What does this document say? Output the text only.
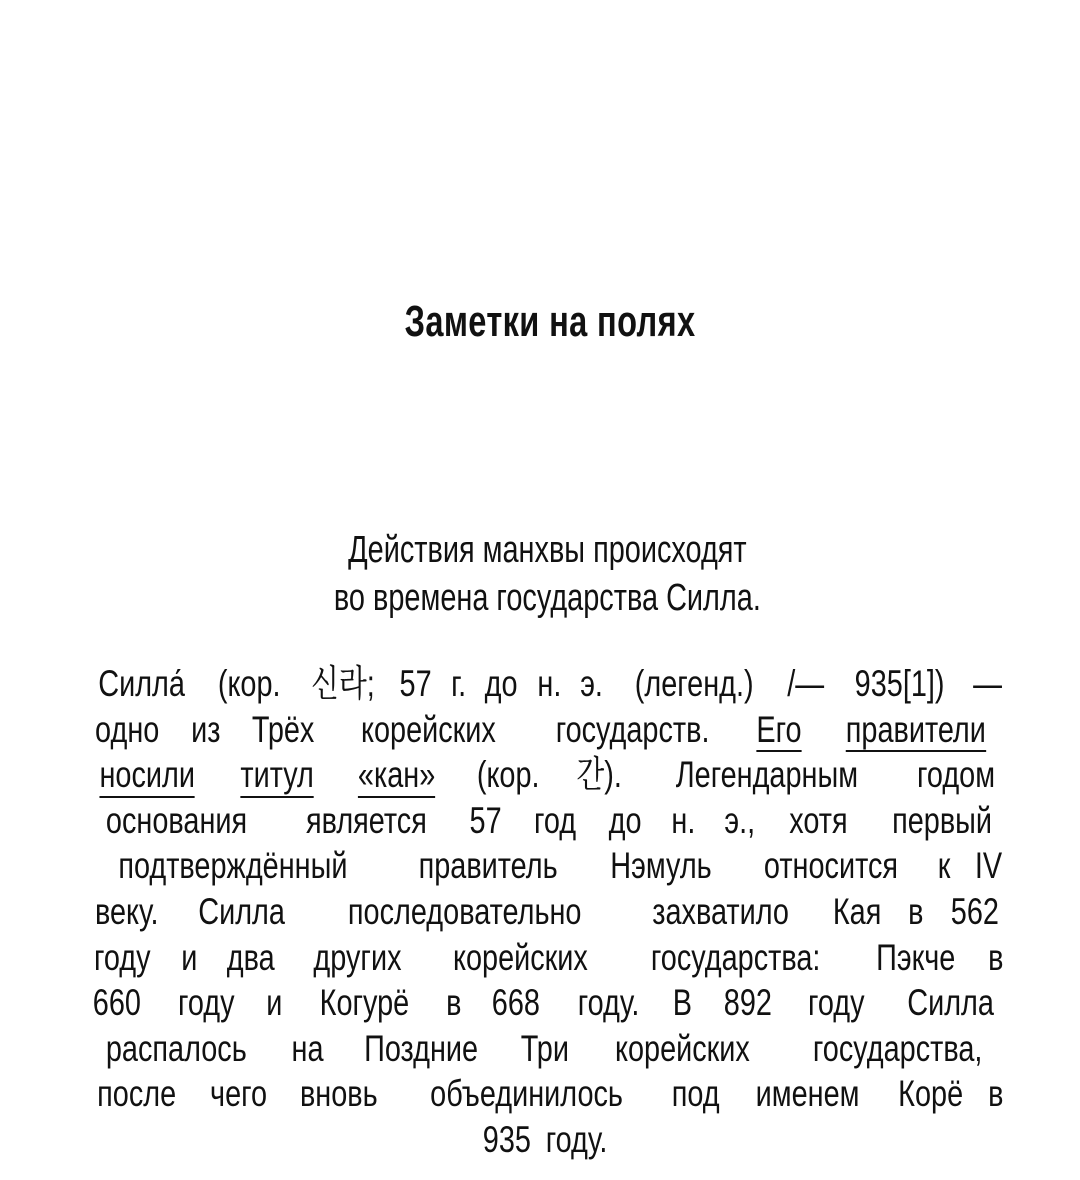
Заметки на полях
Действия манхвы происходят
во времена государства Силла.
Силла́ (кор. 신라; 57 г. до н. э. (легенд.) /— 935[1]) —
одно из Трёх корейских государств. Его правители
носили титул «кан» (кор. 간). Легендарным годом
основания является 57 год до н. э., хотя первый
подтверждённый правитель Нэмуль относится к IV
веку. Силла последовательно захватило Кая в 562
году и два других корейских государства: Пэкче в
660 году и Когурё в 668 году. В 892 году Силла
распалось на Поздние Три корейских государства,
после чего вновь объединилось под именем Корё в
935 году.
